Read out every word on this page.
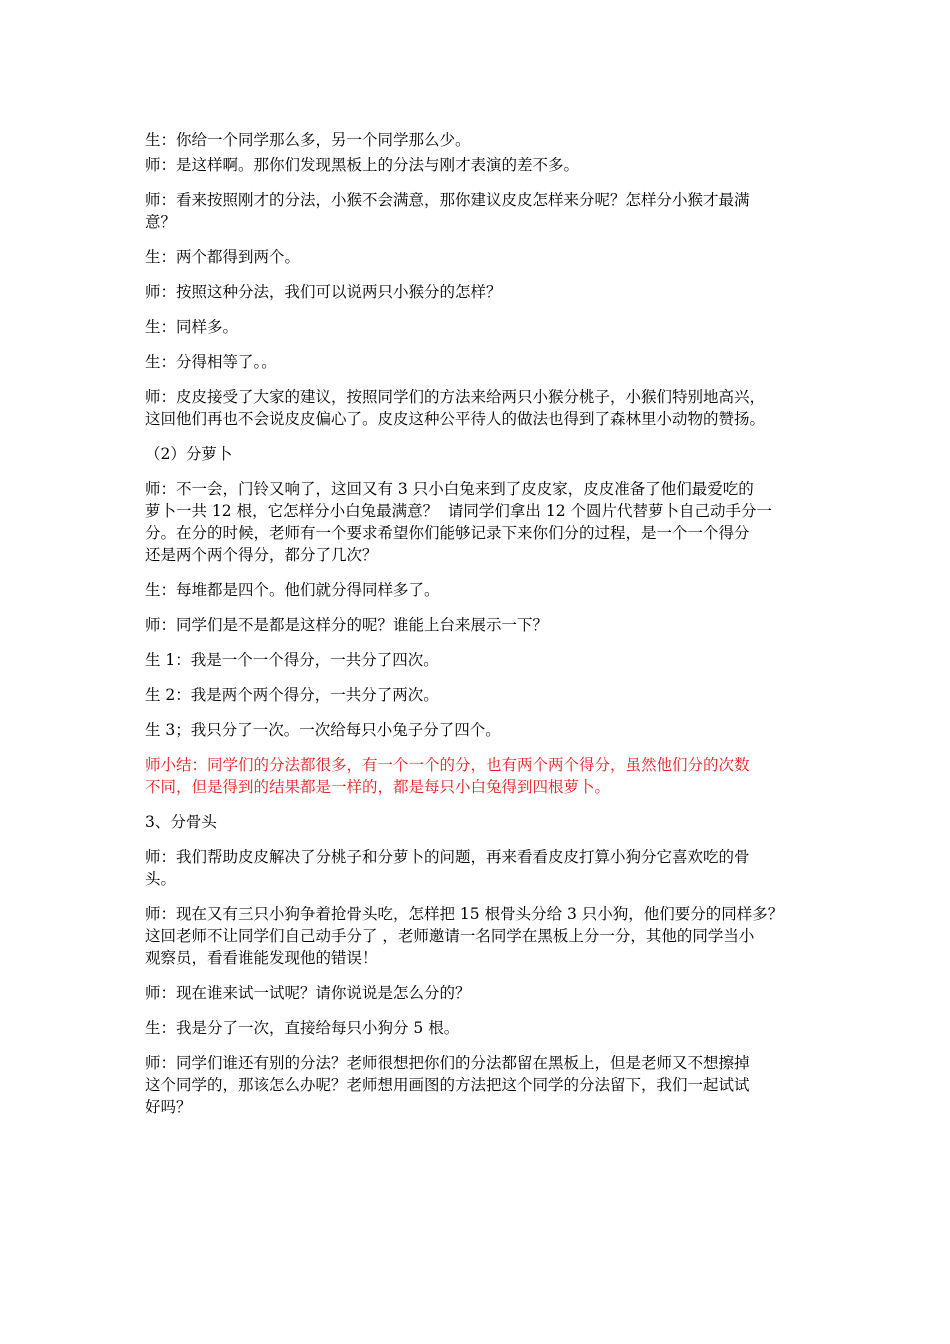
生：你给一个同学那么多，另一个同学那么少。
师：是这样啊。那你们发现黑板上的分法与刚才表演的差不多。
师：看来按照刚才的分法，小猴不会满意，那你建议皮皮怎样来分呢？怎样分小猴才最满
意？
生：两个都得到两个。
师：按照这种分法，我们可以说两只小猴分的怎样？
生：同样多。
生：分得相等了。。
师：皮皮接受了大家的建议，按照同学们的方法来给两只小猴分桃子，小猴们特别地高兴，
这回他们再也不会说皮皮偏心了。皮皮这种公平待人的做法也得到了森林里小动物的赞扬。
（2）分萝卜
师：不一会，门铃又响了，这回又有 3 只小白兔来到了皮皮家，皮皮准备了他们最爱吃的
萝卜一共 12 根，它怎样分小白兔最满意？  请同学们拿出 12 个圆片代替萝卜自己动手分一
分。在分的时候，老师有一个要求希望你们能够记录下来你们分的过程，是一个一个得分
还是两个两个得分，都分了几次？
生：每堆都是四个。他们就分得同样多了。
师：同学们是不是都是这样分的呢？谁能上台来展示一下？
生 1：我是一个一个得分，一共分了四次。
生 2：我是两个两个得分，一共分了两次。
生 3；我只分了一次。一次给每只小兔子分了四个。
师小结：同学们的分法都很多，有一个一个的分，也有两个两个得分，虽然他们分的次数
不同，但是得到的结果都是一样的，都是每只小白兔得到四根萝卜。
3、分骨头
师：我们帮助皮皮解决了分桃子和分萝卜的问题，再来看看皮皮打算小狗分它喜欢吃的骨
头。
师：现在又有三只小狗争着抢骨头吃，怎样把 15 根骨头分给 3 只小狗，他们要分的同样多？
这回老师不让同学们自己动手分了 ，老师邀请一名同学在黑板上分一分，其他的同学当小
观察员，看看谁能发现他的错误！
师：现在谁来试一试呢？请你说说是怎么分的？
生：我是分了一次，直接给每只小狗分 5 根。
师：同学们谁还有别的分法？老师很想把你们的分法都留在黑板上，但是老师又不想擦掉
这个同学的，那该怎么办呢？老师想用画图的方法把这个同学的分法留下，我们一起试试
好吗？
